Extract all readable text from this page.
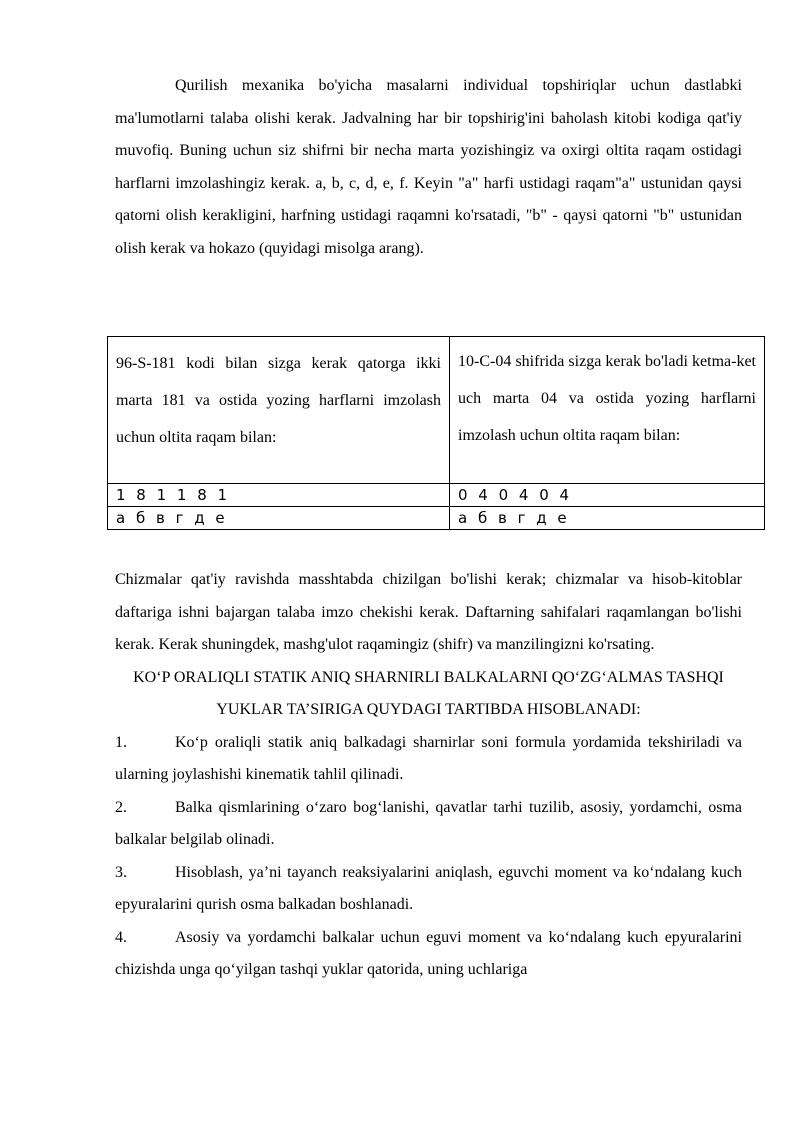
Qurilish mexanika bo'yicha masalarni individual topshiriqlar uchun dastlabki ma'lumotlarni talaba olishi kerak. Jadvalning har bir topshirig'ini baholash kitobi kodiga qat'iy muvofiq. Buning uchun siz shifrni bir necha marta yozishingiz va oxirgi oltita raqam ostidagi harflarni imzolashingiz kerak. a, b, c, d, e, f. Keyin "a" harfi ustidagi raqam"a" ustunidan qaysi qatorni olish kerakligini, harfning ustidagi raqamni ko'rsatadi, "b" - qaysi qatorni "b" ustunidan olish kerak va hokazo (quyidagi misolga arang).

96-S-181 kodi bilan sizga kerak qatorga ikki marta 181 va ostida yozing harflarni imzolash uchun oltita raqam bilan:	10-C-04 shifrida sizga kerak bo'ladi ketma-ket uch marta 04 va ostida yozing harflarni imzolash uchun oltita raqam bilan:

1 8 1 1 8 1	0 4 0 4 0 4

а б в г д е	а б в г д е

Chizmalar qat'iy ravishda masshtabda chizilgan bo'lishi kerak; chizmalar va hisob-kitoblar daftariga ishni bajargan talaba imzo chekishi kerak. Daftarning sahifalari raqamlangan bo'lishi kerak. Kerak shuningdek, mashg'ulot raqamingiz (shifr) va manzilingizni ko'rsating.

KO‘P ORALIQLI STATIK ANIQ SHARNIRLI BALKALARNI QO‘ZG‘ALMAS TASHQI YUKLAR TA’SIRIGA QUYDAGI TARTIBDA HISOBLANADI:

1.	Ko‘p oraliqli statik aniq balkadagi sharnirlar soni formula yordamida tekshiriladi va ularning joylashishi kinematik tahlil qilinadi.

2.	Balka qismlarining o‘zaro bog‘lanishi, qavatlar tarhi tuzilib, asosiy, yordamchi, osma balkalar belgilab olinadi.

3.	Hisoblash, ya’ni tayanch reaksiyalarini aniqlash, eguvchi moment va ko‘ndalang kuch epyuralarini qurish osma balkadan boshlanadi.

4.	Asosiy va yordamchi balkalar uchun eguvi moment va ko‘ndalang kuch epyuralarini chizishda unga qo‘yilgan tashqi yuklar qatorida, uning uchlariga
